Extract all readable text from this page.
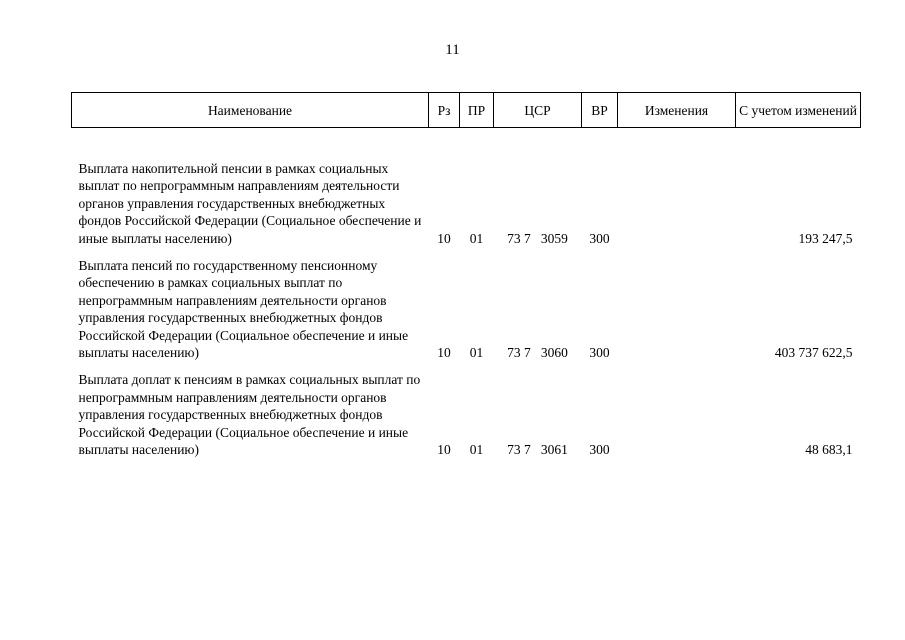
11
Наименование	Рз	ПР	ЦСР	ВР	Изменения	С учетом изменений

Выплата накопительной пенсии в рамках социальных выплат по непрограммным направлениям деятельности органов управления государственных внебюджетных фондов Российской Федерации (Социальное обеспечение и иные выплаты населению)	10	01	73 7 3059	300		193 247,5
Выплата пенсий по государственному пенсионному обеспечению в рамках социальных выплат по непрограммным направлениям деятельности органов управления государственных внебюджетных фондов Российской Федерации (Социальное обеспечение и иные выплаты населению)	10	01	73 7 3060	300		403 737 622,5
Выплата доплат к пенсиям в рамках социальных выплат по непрограммным направлениям деятельности органов управления государственных внебюджетных фондов Российской Федерации (Социальное обеспечение и иные выплаты населению)	10	01	73 7 3061	300		48 683,1
